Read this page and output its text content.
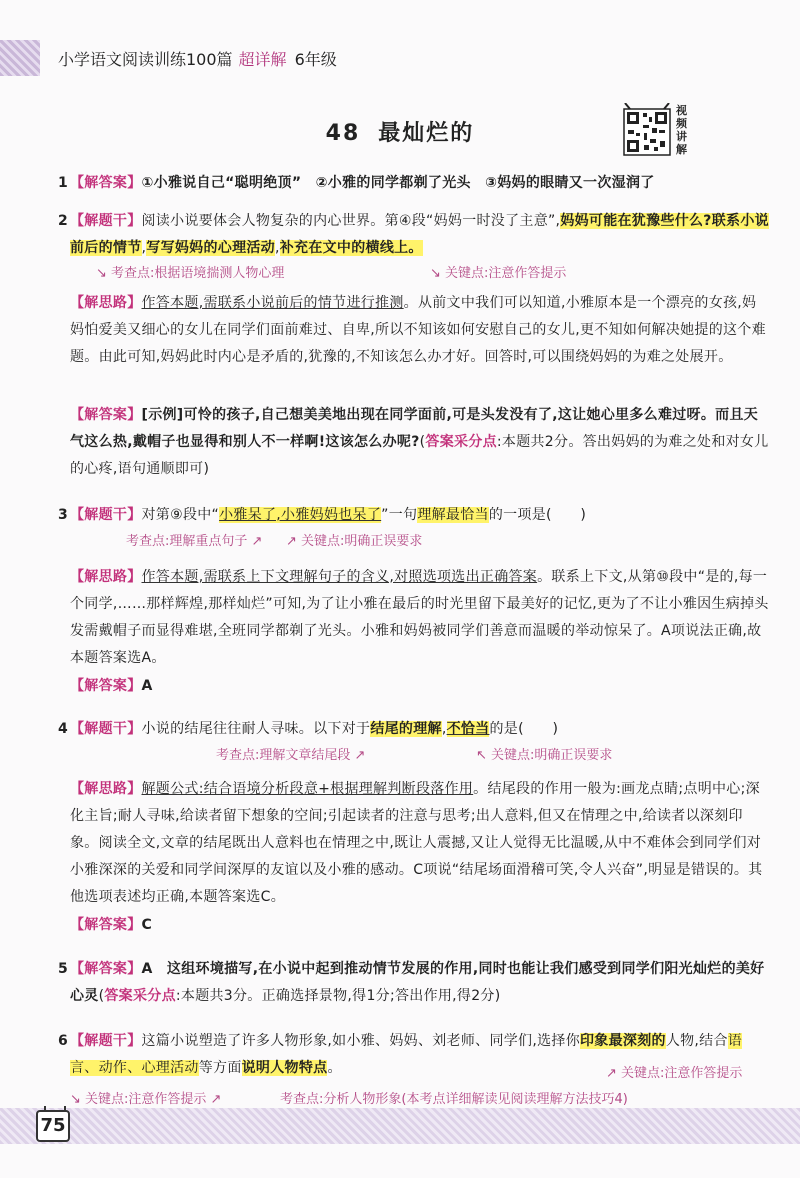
小学语文阅读训练100篇 超详解 6年级
48 最灿烂的
视
频
讲
解
1 【解答案】①小雅说自己“聪明绝顶”　②小雅的同学都剃了光头　③妈妈的眼睛又一次湿润了
2 【解题干】阅读小说要体会人物复杂的内心世界。第④段“妈妈一时没了主意”,妈妈可能在犹豫些什么?联系小说前后的情节,写写妈妈的心理活动,补充在文中的横线上。
↘ 考查点:根据语境揣测人物心理	↘ 关键点:注意作答提示
【解思路】作答本题,需联系小说前后的情节进行推测。从前文中我们可以知道,小雅原本是一个漂亮的女孩,妈妈怕爱美又细心的女儿在同学们面前难过、自卑,所以不知该如何安慰自己的女儿,更不知如何解决她提的这个难题。由此可知,妈妈此时内心是矛盾的,犹豫的,不知该怎么办才好。回答时,可以围绕妈妈的为难之处展开。
【解答案】[示例]可怜的孩子,自己想美美地出现在同学面前,可是头发没有了,这让她心里多么难过呀。而且天气这么热,戴帽子也显得和别人不一样啊!这该怎么办呢?(答案采分点:本题共2分。答出妈妈的为难之处和对女儿的心疼,语句通顺即可)
3 【解题干】对第⑨段中“小雅呆了,小雅妈妈也呆了”一句理解最恰当的一项是(　　)
考查点:理解重点句子 ↗ ↗ 关键点:明确正误要求
【解思路】作答本题,需联系上下文理解句子的含义,对照选项选出正确答案。联系上下文,从第⑩段中“是的,每一个同学,……那样辉煌,那样灿烂”可知,为了让小雅在最后的时光里留下最美好的记忆,更为了不让小雅因生病掉头发需戴帽子而显得难堪,全班同学都剃了光头。小雅和妈妈被同学们善意而温暖的举动惊呆了。A项说法正确,故本题答案选A。
【解答案】A
4 【解题干】小说的结尾往往耐人寻味。以下对于结尾的理解,不恰当的是(　　)
考查点:理解文章结尾段 ↗	↖ 关键点:明确正误要求
【解思路】解题公式:结合语境分析段意+根据理解判断段落作用。结尾段的作用一般为:画龙点睛;点明中心;深化主旨;耐人寻味,给读者留下想象的空间;引起读者的注意与思考;出人意料,但又在情理之中,给读者以深刻印象。阅读全文,文章的结尾既出人意料也在情理之中,既让人震撼,又让人觉得无比温暖,从中不难体会到同学们对小雅深深的关爱和同学间深厚的友谊以及小雅的感动。C项说“结尾场面滑稽可笑,令人兴奋”,明显是错误的。其他选项表述均正确,本题答案选C。
【解答案】C
5 【解答案】A　这组环境描写,在小说中起到推动情节发展的作用,同时也能让我们感受到同学们阳光灿烂的美好心灵(答案采分点:本题共3分。正确选择景物,得1分;答出作用,得2分)
6 【解题干】这篇小说塑造了许多人物形象,如小雅、妈妈、刘老师、同学们,选择你印象最深刻的人物,结合语言、动作、心理活动等方面说明人物特点。	↗ 关键点:注意作答提示
↘ 关键点:注意作答提示 ↗	考查点:分析人物形象(本考点详细解读见阅读理解方法技巧4)
75
